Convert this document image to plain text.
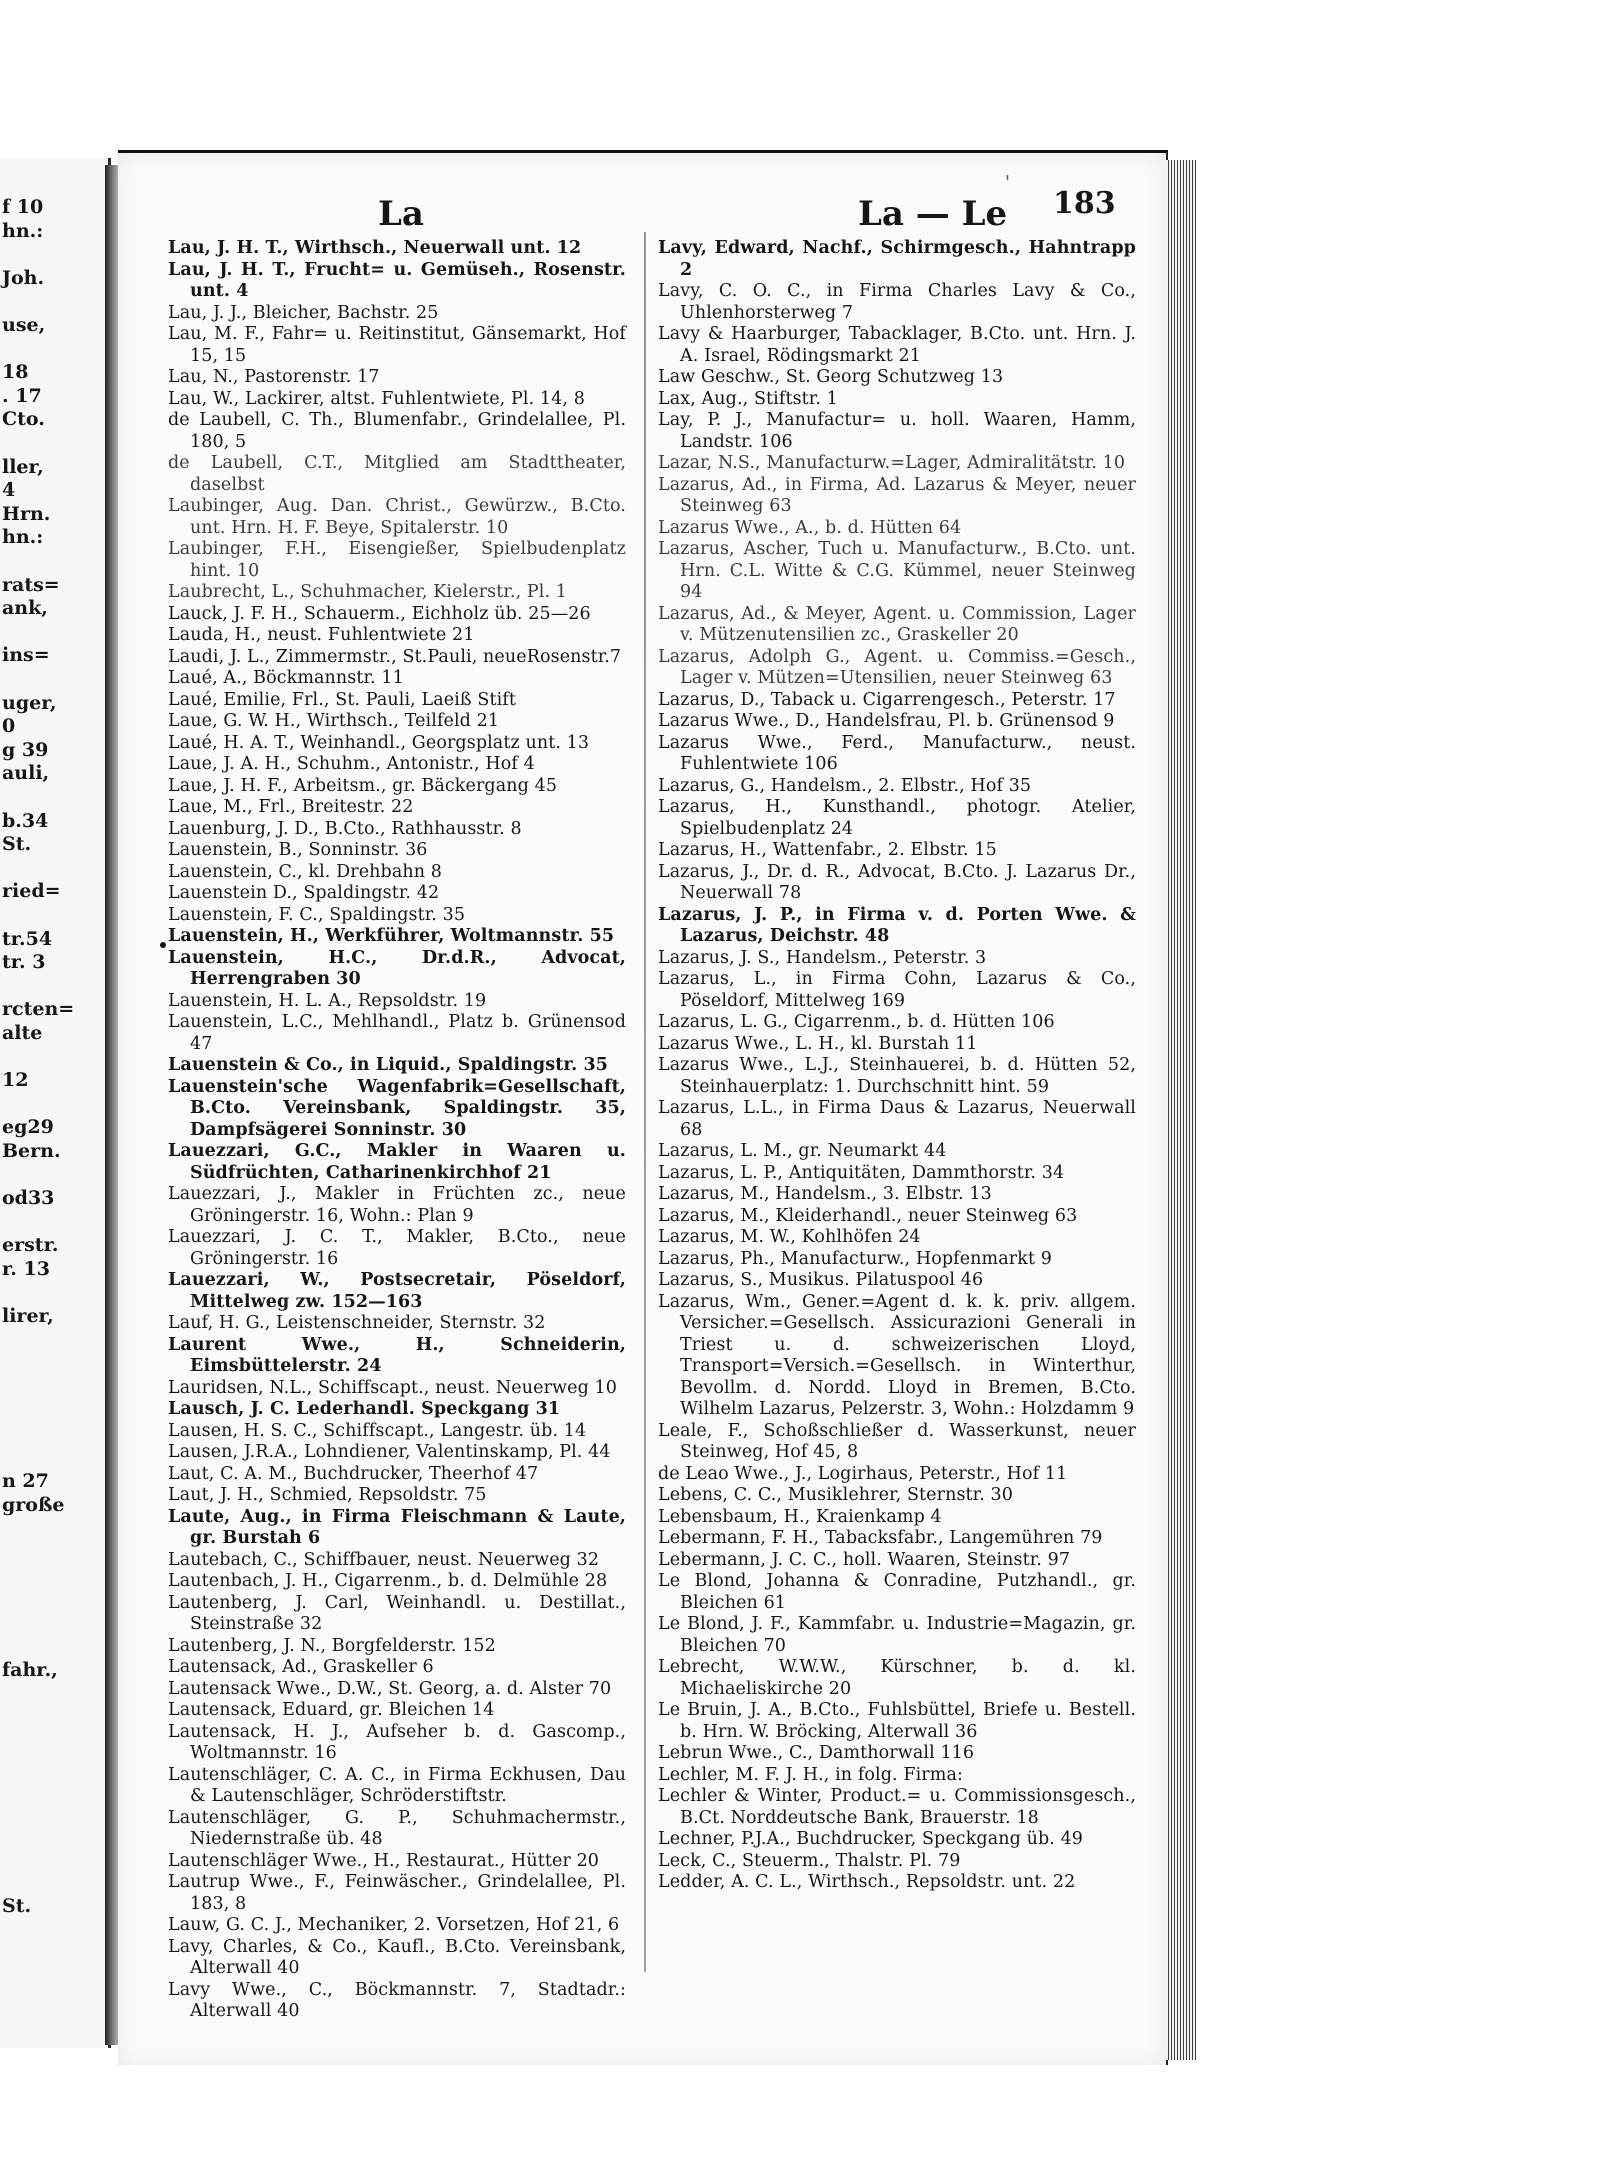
f 10
hn.:
Joh.
use,
18
. 17
Cto.
ller,
4
Hrn.
hn.:
rats=
ank,
ins=
uger,
0
g 39
auli,
b.34
St.
ried=
tr.54
tr. 3
rcten=
alte
12
eg29
Bern.
od33
erstr.
r. 13
lirer,
n 27
große
fahr.,
St.
La	La — Le
'
183

Lau, J. H. T., Wirthsch., Neuerwall unt. 12

Lau, J. H. T., Frucht= u. Gemüseh., Rosenstr. unt. 4

Lau, J. J., Bleicher, Bachstr. 25

Lau, M. F., Fahr= u. Reitinstitut, Gänsemarkt, Hof 15, 15

Lau, N., Pastorenstr. 17

Lau, W., Lackirer, altst. Fuhlentwiete, Pl. 14, 8

de Laubell, C. Th., Blumenfabr., Grindelallee, Pl. 180, 5

de Laubell, C.T., Mitglied am Stadttheater, daselbst

Laubinger, Aug. Dan. Christ., Gewürzw., B.Cto. unt. Hrn. H. F. Beye, Spitalerstr. 10

Laubinger, F.H., Eisengießer, Spielbudenplatz hint. 10

Laubrecht, L., Schuhmacher, Kielerstr., Pl. 1

Lauck, J. F. H., Schauerm., Eichholz üb. 25—26

Lauda, H., neust. Fuhlentwiete 21

Laudi, J. L., Zimmermstr., St.Pauli, neueRosenstr.7

Laué, A., Böckmannstr. 11

Laué, Emilie, Frl., St. Pauli, Laeiß Stift

Laue, G. W. H., Wirthsch., Teilfeld 21

Laué, H. A. T., Weinhandl., Georgsplatz unt. 13

Laue, J. A. H., Schuhm., Antonistr., Hof 4

Laue, J. H. F., Arbeitsm., gr. Bäckergang 45

Laue, M., Frl., Breitestr. 22

Lauenburg, J. D., B.Cto., Rathhausstr. 8

Lauenstein, B., Sonninstr. 36

Lauenstein, C., kl. Drehbahn 8

Lauenstein D., Spaldingstr. 42

Lauenstein, F. C., Spaldingstr. 35

Lauenstein, H., Werkführer, Woltmannstr. 55

Lauenstein, H.C., Dr.d.R., Advocat, Herrengraben 30

Lauenstein, H. L. A., Repsoldstr. 19

Lauenstein, L.C., Mehlhandl., Platz b. Grünensod 47

Lauenstein & Co., in Liquid., Spaldingstr. 35

Lauenstein'sche Wagenfabrik=Gesellschaft, B.Cto. Vereinsbank, Spaldingstr. 35, Dampfsägerei Sonninstr. 30

Lauezzari, G.C., Makler in Waaren u. Südfrüchten, Catharinenkirchhof 21

Lauezzari, J., Makler in Früchten zc., neue Gröningerstr. 16, Wohn.: Plan 9

Lauezzari, J. C. T., Makler, B.Cto., neue Gröningerstr. 16

Lauezzari, W., Postsecretair, Pöseldorf, Mittelweg zw. 152—163

Lauf, H. G., Leistenschneider, Sternstr. 32

Laurent Wwe., H., Schneiderin, Eimsbüttelerstr. 24

Lauridsen, N.L., Schiffscapt., neust. Neuerweg 10

Lausch, J. C. Lederhandl. Speckgang 31

Lausen, H. S. C., Schiffscapt., Langestr. üb. 14

Lausen, J.R.A., Lohndiener, Valentinskamp, Pl. 44

Laut, C. A. M., Buchdrucker, Theerhof 47

Laut, J. H., Schmied, Repsoldstr. 75

Laute, Aug., in Firma Fleischmann & Laute, gr. Burstah 6

Lautebach, C., Schiffbauer, neust. Neuerweg 32

Lautenbach, J. H., Cigarrenm., b. d. Delmühle 28

Lautenberg, J. Carl, Weinhandl. u. Destillat., Steinstraße 32

Lautenberg, J. N., Borgfelderstr. 152

Lautensack, Ad., Graskeller 6

Lautensack Wwe., D.W., St. Georg, a. d. Alster 70

Lautensack, Eduard, gr. Bleichen 14

Lautensack, H. J., Aufseher b. d. Gascomp., Woltmannstr. 16

Lautenschläger, C. A. C., in Firma Eckhusen, Dau & Lautenschläger, Schröderstiftstr.

Lautenschläger, G. P., Schuhmachermstr., Niedernstraße üb. 48

Lautenschläger Wwe., H., Restaurat., Hütter 20

Lautrup Wwe., F., Feinwäscher., Grindelallee, Pl. 183, 8

Lauw, G. C. J., Mechaniker, 2. Vorsetzen, Hof 21, 6

Lavy, Charles, & Co., Kaufl., B.Cto. Vereinsbank, Alterwall 40

Lavy Wwe., C., Böckmannstr. 7, Stadtadr.: Alterwall 40

Lavy, Edward, Nachf., Schirmgesch., Hahntrapp 2

Lavy, C. O. C., in Firma Charles Lavy & Co., Uhlenhorsterweg 7

Lavy & Haarburger, Tabacklager, B.Cto. unt. Hrn. J. A. Israel, Rödingsmarkt 21

Law Geschw., St. Georg Schutzweg 13

Lax, Aug., Stiftstr. 1

Lay, P. J., Manufactur= u. holl. Waaren, Hamm, Landstr. 106

Lazar, N.S., Manufacturw.=Lager, Admiralitätstr. 10

Lazarus, Ad., in Firma, Ad. Lazarus & Meyer, neuer Steinweg 63

Lazarus Wwe., A., b. d. Hütten 64

Lazarus, Ascher, Tuch u. Manufacturw., B.Cto. unt. Hrn. C.L. Witte & C.G. Kümmel, neuer Steinweg 94

Lazarus, Ad., & Meyer, Agent. u. Commission, Lager v. Mützenutensilien zc., Graskeller 20

Lazarus, Adolph G., Agent. u. Commiss.=Gesch., Lager v. Mützen=Utensilien, neuer Steinweg 63

Lazarus, D., Taback u. Cigarrengesch., Peterstr. 17

Lazarus Wwe., D., Handelsfrau, Pl. b. Grünensod 9

Lazarus Wwe., Ferd., Manufacturw., neust. Fuhlentwiete 106

Lazarus, G., Handelsm., 2. Elbstr., Hof 35

Lazarus, H., Kunsthandl., photogr. Atelier, Spielbudenplatz 24

Lazarus, H., Wattenfabr., 2. Elbstr. 15

Lazarus, J., Dr. d. R., Advocat, B.Cto. J. Lazarus Dr., Neuerwall 78

Lazarus, J. P., in Firma v. d. Porten Wwe. & Lazarus, Deichstr. 48

Lazarus, J. S., Handelsm., Peterstr. 3

Lazarus, L., in Firma Cohn, Lazarus & Co., Pöseldorf, Mittelweg 169

Lazarus, L. G., Cigarrenm., b. d. Hütten 106

Lazarus Wwe., L. H., kl. Burstah 11

Lazarus Wwe., L.J., Steinhauerei, b. d. Hütten 52, Steinhauerplatz: 1. Durchschnitt hint. 59

Lazarus, L.L., in Firma Daus & Lazarus, Neuerwall 68

Lazarus, L. M., gr. Neumarkt 44

Lazarus, L. P., Antiquitäten, Dammthorstr. 34

Lazarus, M., Handelsm., 3. Elbstr. 13

Lazarus, M., Kleiderhandl., neuer Steinweg 63

Lazarus, M. W., Kohlhöfen 24

Lazarus, Ph., Manufacturw., Hopfenmarkt 9

Lazarus, S., Musikus. Pilatuspool 46

Lazarus, Wm., Gener.=Agent d. k. k. priv. allgem. Versicher.=Gesellsch. Assicurazioni Generali in Triest u. d. schweizerischen Lloyd, Transport=Versich.=Gesellsch. in Winterthur, Bevollm. d. Nordd. Lloyd in Bremen, B.Cto. Wilhelm Lazarus, Pelzerstr. 3, Wohn.: Holzdamm 9

Leale, F., Schoßschließer d. Wasserkunst, neuer Steinweg, Hof 45, 8

de Leao Wwe., J., Logirhaus, Peterstr., Hof 11

Lebens, C. C., Musiklehrer, Sternstr. 30

Lebensbaum, H., Kraienkamp 4

Lebermann, F. H., Tabacksfabr., Langemühren 79

Lebermann, J. C. C., holl. Waaren, Steinstr. 97

Le Blond, Johanna & Conradine, Putzhandl., gr. Bleichen 61

Le Blond, J. F., Kammfabr. u. Industrie=Magazin, gr. Bleichen 70

Lebrecht, W.W.W., Kürschner, b. d. kl. Michaeliskirche 20

Le Bruin, J. A., B.Cto., Fuhlsbüttel, Briefe u. Bestell. b. Hrn. W. Bröcking, Alterwall 36

Lebrun Wwe., C., Damthorwall 116

Lechler, M. F. J. H., in folg. Firma:

Lechler & Winter, Product.= u. Commissionsgesch., B.Ct. Norddeutsche Bank, Brauerstr. 18

Lechner, P.J.A., Buchdrucker, Speckgang üb. 49

Leck, C., Steuerm., Thalstr. Pl. 79

Ledder, A. C. L., Wirthsch., Repsoldstr. unt. 22
